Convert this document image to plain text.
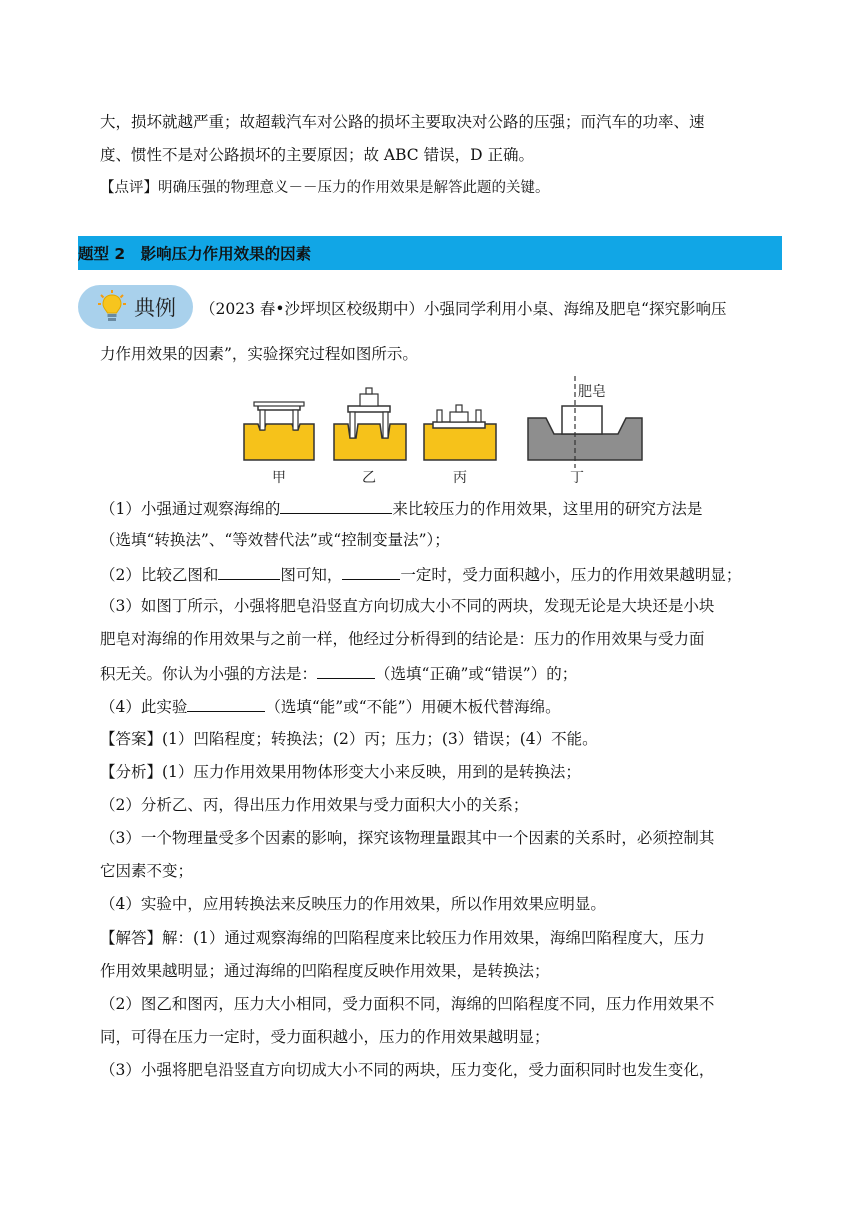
大，损坏就越严重；故超载汽车对公路的损坏主要取决对公路的压强；而汽车的功率、速
度、惯性不是对公路损坏的主要原因；故 ABC 错误，D 正确。
【点评】明确压强的物理意义－－压力的作用效果是解答此题的关键。
题型 2　影响压力作用效果的因素
典例 （2023 春•沙坪坝区校级期中）小强同学利用小桌、海绵及肥皂“探究影响压
力作用效果的因素”，实验探究过程如图所示。
甲	乙	丙
肥皂
丁
（1）小强通过观察海绵的	来比较压力的作用效果，这里用的研究方法是
（选填“转换法”、“等效替代法”或“控制变量法”）；
（2）比较乙图和	图可知，	一定时，受力面积越小，压力的作用效果越明显；
（3）如图丁所示，小强将肥皂沿竖直方向切成大小不同的两块，发现无论是大块还是小块
肥皂对海绵的作用效果与之前一样，他经过分析得到的结论是：压力的作用效果与受力面
积无关。你认为小强的方法是：	（选填“正确”或“错误”）的；
（4）此实验	（选填“能”或“不能”）用硬木板代替海绵。
【答案】(1）凹陷程度；转换法；(2）丙；压力；(3）错误；(4）不能。
【分析】(1）压力作用效果用物体形变大小来反映，用到的是转换法；
（2）分析乙、丙，得出压力作用效果与受力面积大小的关系；
（3）一个物理量受多个因素的影响，探究该物理量跟其中一个因素的关系时，必须控制其
它因素不变；
（4）实验中，应用转换法来反映压力的作用效果，所以作用效果应明显。
【解答】解：(1）通过观察海绵的凹陷程度来比较压力作用效果，海绵凹陷程度大，压力
作用效果越明显；通过海绵的凹陷程度反映作用效果，是转换法；
（2）图乙和图丙，压力大小相同，受力面积不同，海绵的凹陷程度不同，压力作用效果不
同，可得在压力一定时，受力面积越小，压力的作用效果越明显；
（3）小强将肥皂沿竖直方向切成大小不同的两块，压力变化，受力面积同时也发生变化，
